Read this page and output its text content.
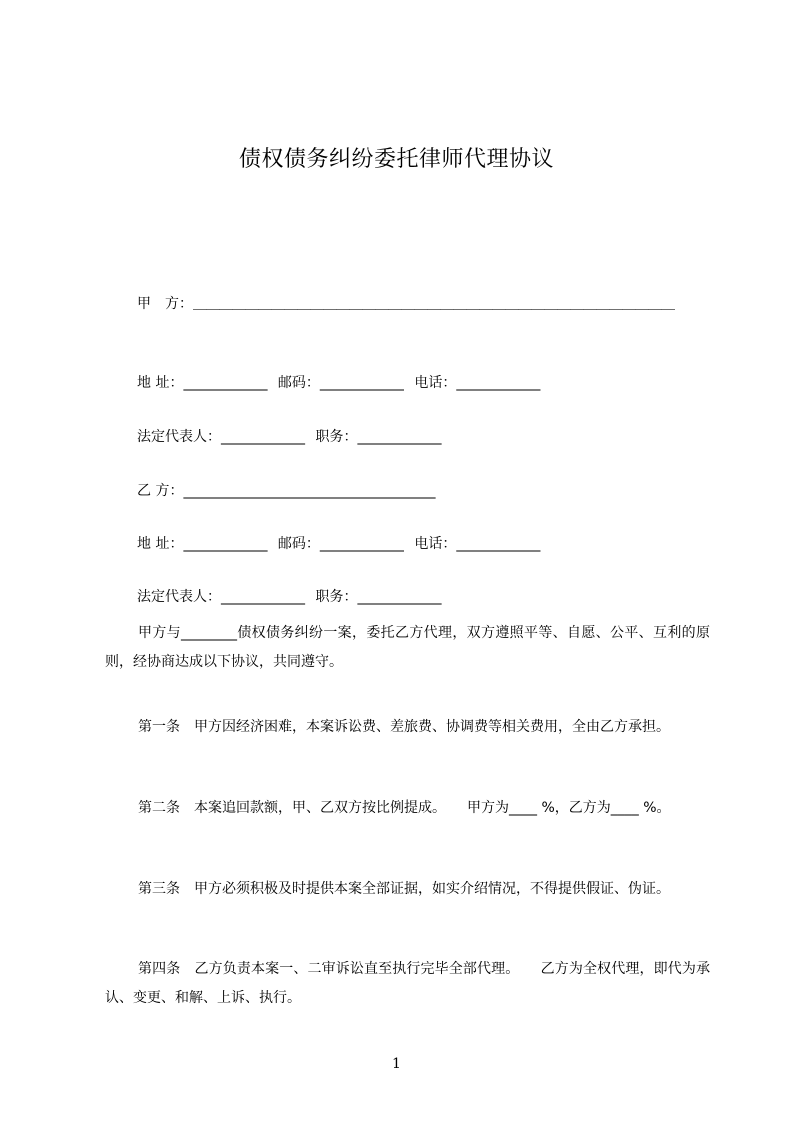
债权债务纠纷委托律师代理协议
甲　方：＿＿＿＿＿＿＿＿＿＿＿＿＿＿＿＿＿＿＿＿＿＿＿＿＿＿＿＿＿＿＿＿＿＿＿＿＿
地 址：____________ 邮码：____________ 电话：____________
法定代表人：____________ 职务：____________
乙 方：____________________________________
地 址：____________ 邮码：____________ 电话：____________
法定代表人：____________ 职务：____________

甲方与________债权债务纠纷一案，委托乙方代理，双方遵照平等、自愿、公平、互利的原则，经协商达成以下协议，共同遵守。

第一条　甲方因经济困难，本案诉讼费、差旅费、协调费等相关费用，全由乙方承担。

第二条　本案追回款额，甲、乙双方按比例提成。　　甲方为____ %，乙方为____ %。

第三条　甲方必须积极及时提供本案全部证据，如实介绍情况，不得提供假证、伪证。

第四条　乙方负责本案一、二审诉讼直至执行完毕全部代理。　　乙方为全权代理，即代为承认、变更、和解、上诉、执行。

1
